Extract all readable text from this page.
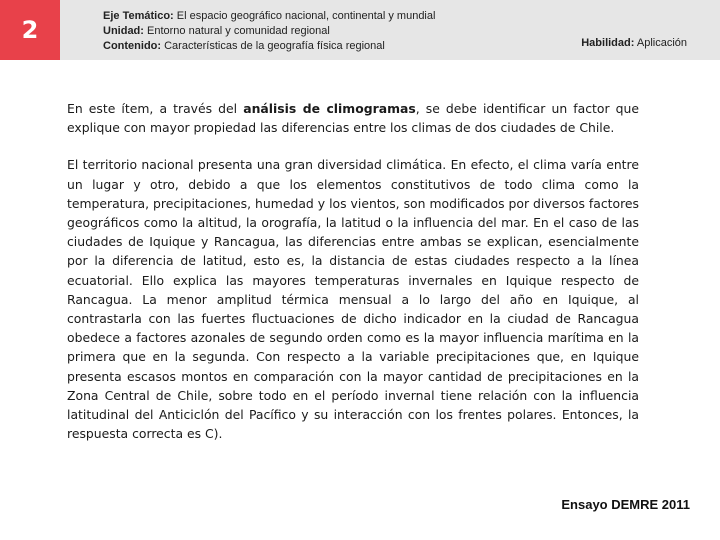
2	Eje Temático: El espacio geográfico nacional, continental y mundial
Unidad: Entorno natural y comunidad regional
Contenido: Características de la geografía física regional	Habilidad: Aplicación

En este ítem, a través del análisis de climogramas, se debe identificar un factor que explique con mayor propiedad las diferencias entre los climas de dos ciudades de Chile.

El territorio nacional presenta una gran diversidad climática. En efecto, el clima varía entre un lugar y otro, debido a que los elementos constitutivos de todo clima como la temperatura, precipitaciones, humedad y los vientos, son modificados por diversos factores geográficos como la altitud, la orografía, la latitud o la influencia del mar. En el caso de las ciudades de Iquique y Rancagua, las diferencias entre ambas se explican, esencialmente por la diferencia de latitud, esto es, la distancia de estas ciudades respecto a la línea ecuatorial. Ello explica las mayores temperaturas invernales en Iquique respecto de Rancagua. La menor amplitud térmica mensual a lo largo del año en Iquique, al contrastarla con las fuertes fluctuaciones de dicho indicador en la ciudad de Rancagua obedece a factores azonales de segundo orden como es la mayor influencia marítima en la primera que en la segunda. Con respecto a la variable precipitaciones que, en Iquique presenta escasos montos en comparación con la mayor cantidad de precipitaciones en la Zona Central de Chile, sobre todo en el período invernal tiene relación con la influencia latitudinal del Anticiclón del Pacífico y su interacción con los frentes polares. Entonces, la respuesta correcta es C).

Ensayo DEMRE 2011
